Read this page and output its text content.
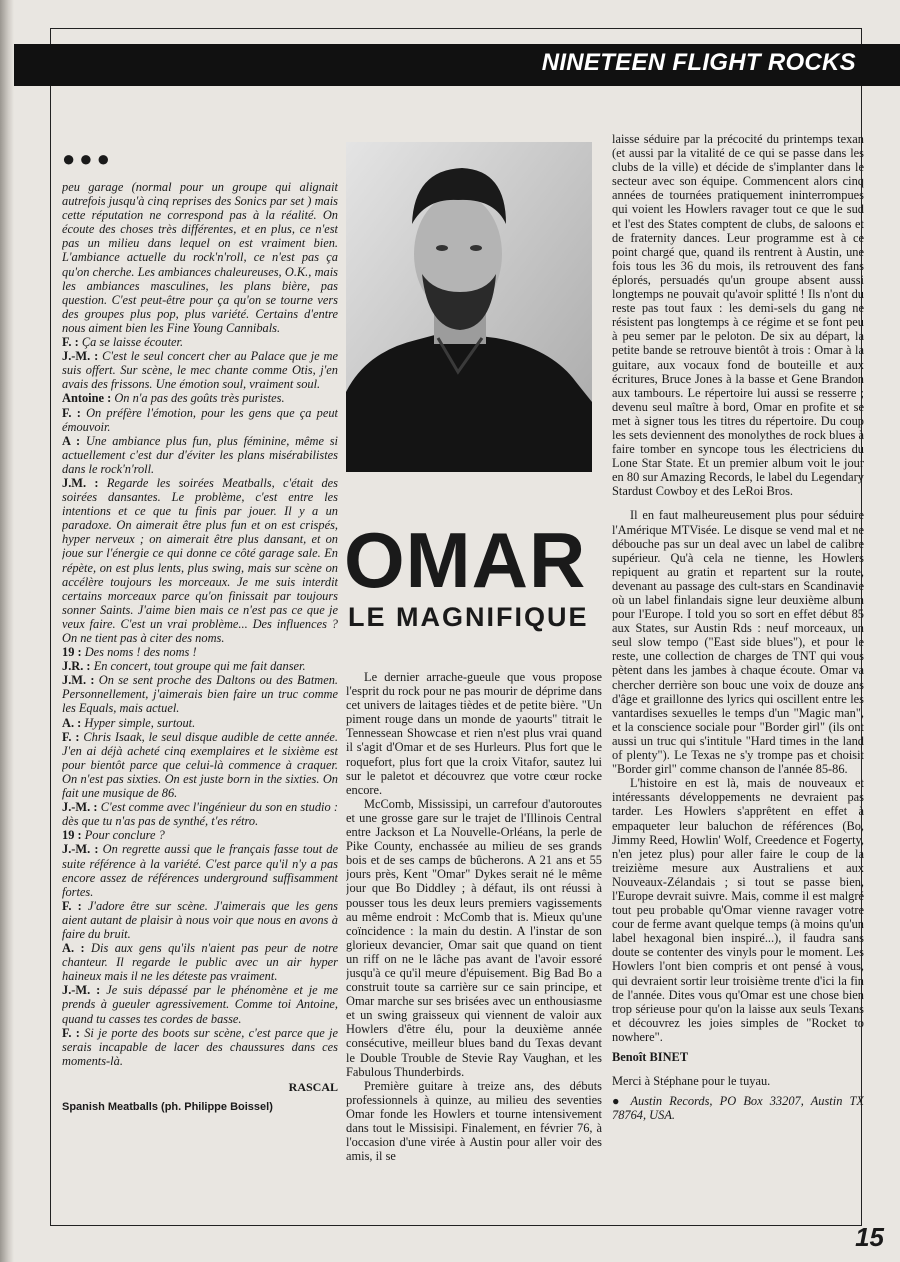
NINETEEN FLIGHT ROCKS
●●●

peu garage (normal pour un groupe qui alignait autrefois jusqu'à cinq reprises des Sonics par set ) mais cette réputation ne correspond pas à la réalité. On écoute des choses très différentes, et en plus, ce n'est pas un milieu dans lequel on est vraiment bien. L'ambiance actuelle du rock'n'roll, ce n'est pas ça qu'on cherche. Les ambiances chaleureuses, O.K., mais les ambiances masculines, les plans bière, pas question. C'est peut-être pour ça qu'on se tourne vers des groupes plus pop, plus variété. Certains d'entre nous aiment bien les Fine Young Cannibals.

F. : Ça se laisse écouter.

J.-M. : C'est le seul concert cher au Palace que je me suis offert. Sur scène, le mec chante comme Otis, j'en avais des frissons. Une émotion soul, vraiment soul.

Antoine : On n'a pas des goûts très puristes.

F. : On préfère l'émotion, pour les gens que ça peut émouvoir.

A : Une ambiance plus fun, plus féminine, même si actuellement c'est dur d'éviter les plans misérabilistes dans le rock'n'roll.

J.M. : Regarde les soirées Meatballs, c'était des soirées dansantes. Le problème, c'est entre les intentions et ce que tu finis par jouer. Il y a un paradoxe. On aimerait être plus fun et on est crispés, hyper nerveux ; on aimerait être plus dansant, et on joue sur l'énergie ce qui donne ce côté garage sale. En répète, on est plus lents, plus swing, mais sur scène on accélère toujours les morceaux. Je me suis interdit certains morceaux parce qu'on finissait par toujours sonner Saints. J'aime bien mais ce n'est pas ce que je veux faire. C'est un vrai problème... Des influences ? On ne tient pas à citer des noms.

19 : Des noms ! des noms !

J.R. : En concert, tout groupe qui me fait danser.

J.M. : On se sent proche des Daltons ou des Batmen. Personnellement, j'aimerais bien faire un truc comme les Equals, mais actuel.

A. : Hyper simple, surtout.

F. : Chris Isaak, le seul disque audible de cette année. J'en ai déjà acheté cinq exemplaires et le sixième est pour bientôt parce que celui-là commence à craquer. On n'est pas sixties. On est juste born in the sixties. On fait une musique de 86.

J.-M. : C'est comme avec l'ingénieur du son en studio : dès que tu n'as pas de synthé, t'es rétro.

19 : Pour conclure ?

J.-M. : On regrette aussi que le français fasse tout de suite référence à la variété. C'est parce qu'il n'y a pas encore assez de références underground suffisamment fortes.

F. : J'adore être sur scène. J'aimerais que les gens aient autant de plaisir à nous voir que nous en avons à faire du bruit.

A. : Dis aux gens qu'ils n'aient pas peur de notre chanteur. Il regarde le public avec un air hyper haineux mais il ne les déteste pas vraiment.

J.-M. : Je suis dépassé par le phénomène et je me prends à gueuler agressivement. Comme toi Antoine, quand tu casses tes cordes de basse.

F. : Si je porte des boots sur scène, c'est parce que je serais incapable de lacer des chaussures dans ces moments-là.

RASCAL
Spanish Meatballs (ph. Philippe Boissel)
OMAR
LE MAGNIFIQUE

Le dernier arrache-gueule que vous propose l'esprit du rock pour ne pas mourir de déprime dans cet univers de laitages tièdes et de petite bière. "Un piment rouge dans un monde de yaourts" titrait le Tennessean Showcase et rien n'est plus vrai quand il s'agit d'Omar et de ses Hurleurs. Plus fort que le roquefort, plus fort que la croix Vitafor, sautez lui sur le paletot et découvrez que votre cœur rocke encore.

McComb, Mississipi, un carrefour d'autoroutes et une grosse gare sur le trajet de l'Illinois Central entre Jackson et La Nouvelle-Orléans, la perle de Pike County, enchassée au milieu de ses grands bois et de ses camps de bûcherons. A 21 ans et 55 jours près, Kent "Omar" Dykes serait né le même jour que Bo Diddley ; à défaut, ils ont réussi à pousser tous les deux leurs premiers vagissements au même endroit : McComb that is. Mieux qu'une coïncidence : la main du destin. A l'instar de son glorieux devancier, Omar sait que quand on tient un riff on ne le lâche pas avant de l'avoir essoré jusqu'à ce qu'il meure d'épuisement. Big Bad Bo a construit toute sa carrière sur ce sain principe, et Omar marche sur ses brisées avec un enthousiasme et un swing graisseux qui viennent de valoir aux Howlers d'être élu, pour la deuxième année consécutive, meilleur blues band du Texas devant le Double Trouble de Stevie Ray Vaughan, et les Fabulous Thunderbirds.

Première guitare à treize ans, des débuts professionnels à quinze, au milieu des seventies Omar fonde les Howlers et tourne intensivement dans tout le Missisipi. Finalement, en février 76, à l'occasion d'une virée à Austin pour aller voir des amis, il se

laisse séduire par la précocité du printemps texan (et aussi par la vitalité de ce qui se passe dans les clubs de la ville) et décide de s'implanter dans le secteur avec son équipe. Commencent alors cinq années de tournées pratiquement ininterrompues qui voient les Howlers ravager tout ce que le sud et l'est des States comptent de clubs, de saloons et de fraternity dances. Leur programme est à ce point chargé que, quand ils rentrent à Austin, une fois tous les 36 du mois, ils retrouvent des fans éplorés, persuadés qu'un groupe absent aussi longtemps ne pouvait qu'avoir splitté ! Ils n'ont du reste pas tout faux : les demi-sels du gang ne résistent pas longtemps à ce régime et se font peu à peu semer par le peloton. De six au départ, la petite bande se retrouve bientôt à trois : Omar à la guitare, aux vocaux fond de bouteille et aux écritures, Bruce Jones à la basse et Gene Brandon aux tambours. Le répertoire lui aussi se resserre ; devenu seul maître à bord, Omar en profite et se met à signer tous les titres du répertoire. Du coup les sets deviennent des monolythes de rock blues à faire tomber en syncope tous les électriciens du Lone Star State. Et un premier album voit le jour en 80 sur Amazing Records, le label du Legendary Stardust Cowboy et des LeRoi Bros.

Il en faut malheureusement plus pour séduire l'Amérique MTVisée. Le disque se vend mal et ne débouche pas sur un deal avec un label de calibre supérieur. Qu'à cela ne tienne, les Howlers repiquent au gratin et repartent sur la route, devenant au passage des cult-stars en Scandinavie où un label finlandais signe leur deuxième album pour l'Europe. I told you so sort en effet début 85 aux States, sur Austin Rds : neuf morceaux, un seul slow tempo ("East side blues"), et pour le reste, une collection de charges de TNT qui vous pètent dans les jambes à chaque écoute. Omar va chercher derrière son bouc une voix de douze ans d'âge et graillonne des lyrics qui oscillent entre les vantardises sexuelles le temps d'un "Magic man", et la conscience sociale pour "Border girl" (ils ont aussi un truc qui s'intitule "Hard times in the land of plenty"). Le Texas ne s'y trompe pas et choisit "Border girl" comme chanson de l'année 85-86.

L'histoire en est là, mais de nouveaux et intéressants développements ne devraient pas tarder. Les Howlers s'apprêtent en effet à empaqueter leur baluchon de références (Bo, Jimmy Reed, Howlin' Wolf, Creedence et Fogerty, n'en jetez plus) pour aller faire le coup de la treizième mesure aux Australiens et aux Nouveaux-Zélandais ; si tout se passe bien, l'Europe devrait suivre. Mais, comme il est malgré tout peu probable qu'Omar vienne ravager votre cour de ferme avant quelque temps (à moins qu'un label hexagonal bien inspiré...), il faudra sans doute se contenter des vinyls pour le moment. Les Howlers l'ont bien compris et ont pensé à vous, qui devraient sortir leur troisième trente d'ici la fin de l'année. Dites vous qu'Omar est une chose bien trop sérieuse pour qu'on la laisse aux seuls Texans et découvrez les joies simples de "Rocket to nowhere".

Benoît BINET

Merci à Stéphane pour le tuyau.

● Austin Records, PO Box 33207, Austin TX 78764, USA.

15
